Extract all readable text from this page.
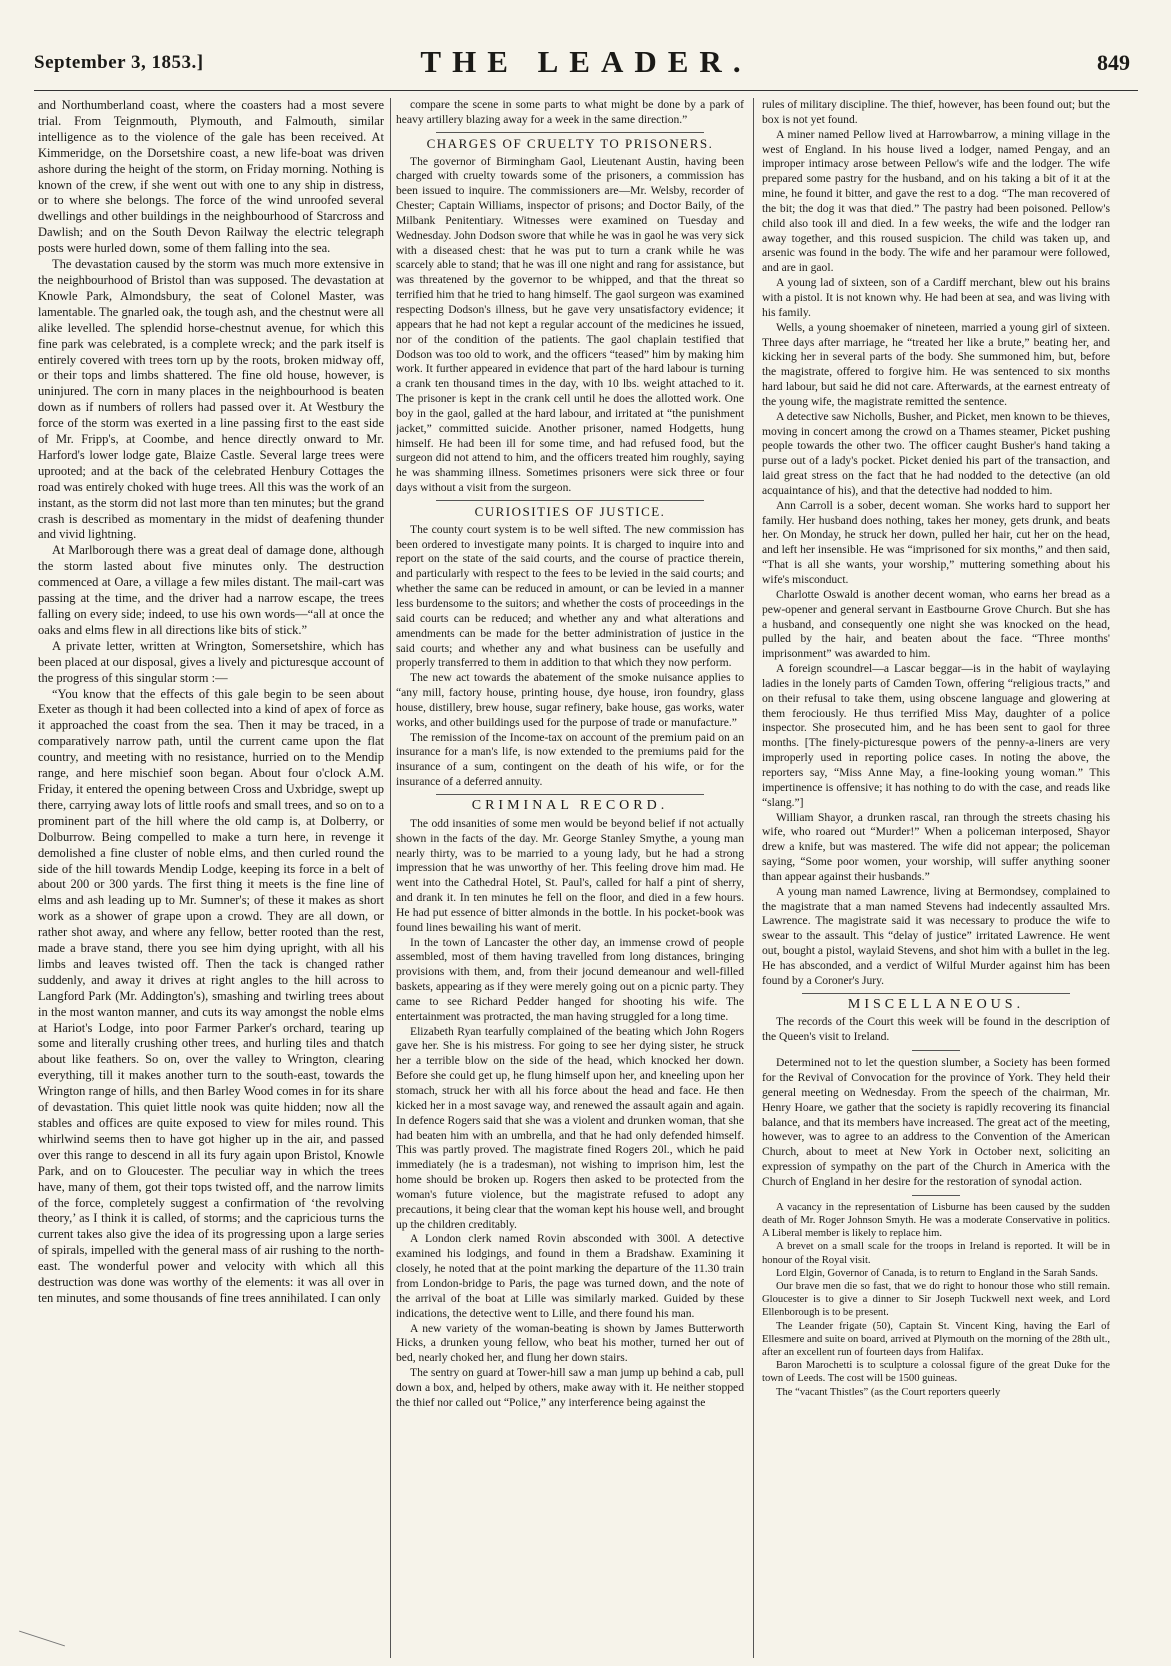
September 3, 1853.]	THE LEADER.	849

and Northumberland coast, where the coasters had a most severe trial. From Teignmouth, Plymouth, and Falmouth, similar intelligence as to the violence of the gale has been received. At Kimmeridge, on the Dorsetshire coast, a new life-boat was driven ashore during the height of the storm, on Friday morning. Nothing is known of the crew, if she went out with one to any ship in distress, or to where she belongs. The force of the wind unroofed several dwellings and other buildings in the neighbourhood of Starcross and Dawlish; and on the South Devon Railway the electric telegraph posts were hurled down, some of them falling into the sea.

The devastation caused by the storm was much more extensive in the neighbourhood of Bristol than was supposed. The devastation at Knowle Park, Almondsbury, the seat of Colonel Master, was lamentable. The gnarled oak, the tough ash, and the chestnut were all alike levelled. The splendid horse-chestnut avenue, for which this fine park was celebrated, is a complete wreck; and the park itself is entirely covered with trees torn up by the roots, broken midway off, or their tops and limbs shattered. The fine old house, however, is uninjured. The corn in many places in the neighbourhood is beaten down as if numbers of rollers had passed over it. At Westbury the force of the storm was exerted in a line passing first to the east side of Mr. Fripp's, at Coombe, and hence directly onward to Mr. Harford's lower lodge gate, Blaize Castle. Several large trees were uprooted; and at the back of the celebrated Henbury Cottages the road was entirely choked with huge trees. All this was the work of an instant, as the storm did not last more than ten minutes; but the grand crash is described as momentary in the midst of deafening thunder and vivid lightning.

At Marlborough there was a great deal of damage done, although the storm lasted about five minutes only. The destruction commenced at Oare, a village a few miles distant. The mail-cart was passing at the time, and the driver had a narrow escape, the trees falling on every side; indeed, to use his own words—“all at once the oaks and elms flew in all directions like bits of stick.”

A private letter, written at Wrington, Somersetshire, which has been placed at our disposal, gives a lively and picturesque account of the progress of this singular storm :—

“You know that the effects of this gale begin to be seen about Exeter as though it had been collected into a kind of apex of force as it approached the coast from the sea. Then it may be traced, in a comparatively narrow path, until the current came upon the flat country, and meeting with no resistance, hurried on to the Mendip range, and here mischief soon began. About four o'clock A.M. Friday, it entered the opening between Cross and Uxbridge, swept up there, carrying away lots of little roofs and small trees, and so on to a prominent part of the hill where the old camp is, at Dolberry, or Dolburrow. Being compelled to make a turn here, in revenge it demolished a fine cluster of noble elms, and then curled round the side of the hill towards Mendip Lodge, keeping its force in a belt of about 200 or 300 yards. The first thing it meets is the fine line of elms and ash leading up to Mr. Sumner's; of these it makes as short work as a shower of grape upon a crowd. They are all down, or rather shot away, and where any fellow, better rooted than the rest, made a brave stand, there you see him dying upright, with all his limbs and leaves twisted off. Then the tack is changed rather suddenly, and away it drives at right angles to the hill across to Langford Park (Mr. Addington's), smashing and twirling trees about in the most wanton manner, and cuts its way amongst the noble elms at Hariot's Lodge, into poor Farmer Parker's orchard, tearing up some and literally crushing other trees, and hurling tiles and thatch about like feathers. So on, over the valley to Wrington, clearing everything, till it makes another turn to the south-east, towards the Wrington range of hills, and then Barley Wood comes in for its share of devastation. This quiet little nook was quite hidden; now all the stables and offices are quite exposed to view for miles round. This whirlwind seems then to have got higher up in the air, and passed over this range to descend in all its fury again upon Bristol, Knowle Park, and on to Gloucester. The peculiar way in which the trees have, many of them, got their tops twisted off, and the narrow limits of the force, completely suggest a confirmation of ‘the revolving theory,’ as I think it is called, of storms; and the capricious turns the current takes also give the idea of its progressing upon a large series of spirals, impelled with the general mass of air rushing to the north-east. The wonderful power and velocity with which all this destruction was done was worthy of the elements: it was all over in ten minutes, and some thousands of fine trees annihilated. I can only

compare the scene in some parts to what might be done by a park of heavy artillery blazing away for a week in the same direction.”

CHARGES OF CRUELTY TO PRISONERS.

The governor of Birmingham Gaol, Lieutenant Austin, having been charged with cruelty towards some of the prisoners, a commission has been issued to inquire. The commissioners are—Mr. Welsby, recorder of Chester; Captain Williams, inspector of prisons; and Doctor Baily, of the Milbank Penitentiary. Witnesses were examined on Tuesday and Wednesday. John Dodson swore that while he was in gaol he was very sick with a diseased chest: that he was put to turn a crank while he was scarcely able to stand; that he was ill one night and rang for assistance, but was threatened by the governor to be whipped, and that the threat so terrified him that he tried to hang himself. The gaol surgeon was examined respecting Dodson's illness, but he gave very unsatisfactory evidence; it appears that he had not kept a regular account of the medicines he issued, nor of the condition of the patients. The gaol chaplain testified that Dodson was too old to work, and the officers “teased” him by making him work. It further appeared in evidence that part of the hard labour is turning a crank ten thousand times in the day, with 10 lbs. weight attached to it. The prisoner is kept in the crank cell until he does the allotted work. One boy in the gaol, galled at the hard labour, and irritated at “the punishment jacket,” committed suicide. Another prisoner, named Hodgetts, hung himself. He had been ill for some time, and had refused food, but the surgeon did not attend to him, and the officers treated him roughly, saying he was shamming illness. Sometimes prisoners were sick three or four days without a visit from the surgeon.

CURIOSITIES OF JUSTICE.

The county court system is to be well sifted. The new commission has been ordered to investigate many points. It is charged to inquire into and report on the state of the said courts, and the course of practice therein, and particularly with respect to the fees to be levied in the said courts; and whether the same can be reduced in amount, or can be levied in a manner less burdensome to the suitors; and whether the costs of proceedings in the said courts can be reduced; and whether any and what alterations and amendments can be made for the better administration of justice in the said courts; and whether any and what business can be usefully and properly transferred to them in addition to that which they now perform.

The new act towards the abatement of the smoke nuisance applies to “any mill, factory house, printing house, dye house, iron foundry, glass house, distillery, brew house, sugar refinery, bake house, gas works, water works, and other buildings used for the purpose of trade or manufacture.”

The remission of the Income-tax on account of the premium paid on an insurance for a man's life, is now extended to the premiums paid for the insurance of a sum, contingent on the death of his wife, or for the insurance of a deferred annuity.

CRIMINAL RECORD.

The odd insanities of some men would be beyond belief if not actually shown in the facts of the day. Mr. George Stanley Smythe, a young man nearly thirty, was to be married to a young lady, but he had a strong impression that he was unworthy of her. This feeling drove him mad. He went into the Cathedral Hotel, St. Paul's, called for half a pint of sherry, and drank it. In ten minutes he fell on the floor, and died in a few hours. He had put essence of bitter almonds in the bottle. In his pocket-book was found lines bewailing his want of merit.

In the town of Lancaster the other day, an immense crowd of people assembled, most of them having travelled from long distances, bringing provisions with them, and, from their jocund demeanour and well-filled baskets, appearing as if they were merely going out on a picnic party. They came to see Richard Pedder hanged for shooting his wife. The entertainment was protracted, the man having struggled for a long time.

Elizabeth Ryan tearfully complained of the beating which John Rogers gave her. She is his mistress. For going to see her dying sister, he struck her a terrible blow on the side of the head, which knocked her down. Before she could get up, he flung himself upon her, and kneeling upon her stomach, struck her with all his force about the head and face. He then kicked her in a most savage way, and renewed the assault again and again. In defence Rogers said that she was a violent and drunken woman, that she had beaten him with an umbrella, and that he had only defended himself. This was partly proved. The magistrate fined Rogers 20l., which he paid immediately (he is a tradesman), not wishing to imprison him, lest the home should be broken up. Rogers then asked to be protected from the woman's future violence, but the magistrate refused to adopt any precautions, it being clear that the woman kept his house well, and brought up the children creditably.

A London clerk named Rovin absconded with 300l. A detective examined his lodgings, and found in them a Bradshaw. Examining it closely, he noted that at the point marking the departure of the 11.30 train from London-bridge to Paris, the page was turned down, and the note of the arrival of the boat at Lille was similarly marked. Guided by these indications, the detective went to Lille, and there found his man.

A new variety of the woman-beating is shown by James Butterworth Hicks, a drunken young fellow, who beat his mother, turned her out of bed, nearly choked her, and flung her down stairs.

The sentry on guard at Tower-hill saw a man jump up behind a cab, pull down a box, and, helped by others, make away with it. He neither stopped the thief nor called out “Police,” any interference being against the

rules of military discipline. The thief, however, has been found out; but the box is not yet found.

A miner named Pellow lived at Harrowbarrow, a mining village in the west of England. In his house lived a lodger, named Pengay, and an improper intimacy arose between Pellow's wife and the lodger. The wife prepared some pastry for the husband, and on his taking a bit of it at the mine, he found it bitter, and gave the rest to a dog. “The man recovered of the bit; the dog it was that died.” The pastry had been poisoned. Pellow's child also took ill and died. In a few weeks, the wife and the lodger ran away together, and this roused suspicion. The child was taken up, and arsenic was found in the body. The wife and her paramour were followed, and are in gaol.

A young lad of sixteen, son of a Cardiff merchant, blew out his brains with a pistol. It is not known why. He had been at sea, and was living with his family.

Wells, a young shoemaker of nineteen, married a young girl of sixteen. Three days after marriage, he “treated her like a brute,” beating her, and kicking her in several parts of the body. She summoned him, but, before the magistrate, offered to forgive him. He was sentenced to six months hard labour, but said he did not care. Afterwards, at the earnest entreaty of the young wife, the magistrate remitted the sentence.

A detective saw Nicholls, Busher, and Picket, men known to be thieves, moving in concert among the crowd on a Thames steamer, Picket pushing people towards the other two. The officer caught Busher's hand taking a purse out of a lady's pocket. Picket denied his part of the transaction, and laid great stress on the fact that he had nodded to the detective (an old acquaintance of his), and that the detective had nodded to him.

Ann Carroll is a sober, decent woman. She works hard to support her family. Her husband does nothing, takes her money, gets drunk, and beats her. On Monday, he struck her down, pulled her hair, cut her on the head, and left her insensible. He was “imprisoned for six months,” and then said, “That is all she wants, your worship,” muttering something about his wife's misconduct.

Charlotte Oswald is another decent woman, who earns her bread as a pew-opener and general servant in Eastbourne Grove Church. But she has a husband, and consequently one night she was knocked on the head, pulled by the hair, and beaten about the face. “Three months' imprisonment” was awarded to him.

A foreign scoundrel—a Lascar beggar—is in the habit of waylaying ladies in the lonely parts of Camden Town, offering “religious tracts,” and on their refusal to take them, using obscene language and glowering at them ferociously. He thus terrified Miss May, daughter of a police inspector. She prosecuted him, and he has been sent to gaol for three months. [The finely-picturesque powers of the penny-a-liners are very improperly used in reporting police cases. In noting the above, the reporters say, “Miss Anne May, a fine-looking young woman.” This impertinence is offensive; it has nothing to do with the case, and reads like “slang.”]

William Shayor, a drunken rascal, ran through the streets chasing his wife, who roared out “Murder!” When a policeman interposed, Shayor drew a knife, but was mastered. The wife did not appear; the policeman saying, “Some poor women, your worship, will suffer anything sooner than appear against their husbands.”

A young man named Lawrence, living at Bermondsey, complained to the magistrate that a man named Stevens had indecently assaulted Mrs. Lawrence. The magistrate said it was necessary to produce the wife to swear to the assault. This “delay of justice” irritated Lawrence. He went out, bought a pistol, waylaid Stevens, and shot him with a bullet in the leg. He has absconded, and a verdict of Wilful Murder against him has been found by a Coroner's Jury.

MISCELLANEOUS.

The records of the Court this week will be found in the description of the Queen's visit to Ireland.

Determined not to let the question slumber, a Society has been formed for the Revival of Convocation for the province of York. They held their general meeting on Wednesday. From the speech of the chairman, Mr. Henry Hoare, we gather that the society is rapidly recovering its financial balance, and that its members have increased. The great act of the meeting, however, was to agree to an address to the Convention of the American Church, about to meet at New York in October next, soliciting an expression of sympathy on the part of the Church in America with the Church of England in her desire for the restoration of synodal action.

A vacancy in the representation of Lisburne has been caused by the sudden death of Mr. Roger Johnson Smyth. He was a moderate Conservative in politics. A Liberal member is likely to replace him.

A brevet on a small scale for the troops in Ireland is reported. It will be in honour of the Royal visit.

Lord Elgin, Governor of Canada, is to return to England in the Sarah Sands.

Our brave men die so fast, that we do right to honour those who still remain. Gloucester is to give a dinner to Sir Joseph Tuckwell next week, and Lord Ellenborough is to be present.

The Leander frigate (50), Captain St. Vincent King, having the Earl of Ellesmere and suite on board, arrived at Plymouth on the morning of the 28th ult., after an excellent run of fourteen days from Halifax.

Baron Marochetti is to sculpture a colossal figure of the great Duke for the town of Leeds. The cost will be 1500 guineas.

The “vacant Thistles” (as the Court reporters queerly
